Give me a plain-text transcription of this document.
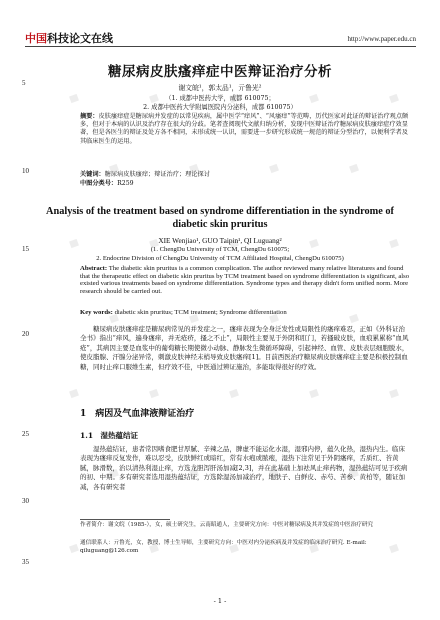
中国科技论文在线	http://www.paper.edu.cn
5
10
15
20
25
30
35
糖尿病皮肤瘙痒症中医辩证治疗分析
谢文皖¹，郭太品¹，亓鲁光²
（1. 成都中医药大学，成都 610075；
2. 成都中医药大学附属医院内分泌科，成都 610075）
摘要：皮肤瘙痒症是糖尿病并发症的以常见疾病，属中医学“痒风”、“风瘙痒”等范畴，历代医家对此证的辩证治疗观点颇多，但对于本病的认识及治疗存在很大的分歧。笔者查阅现代文献归纳分析，发现中医辩证治疗糖尿病皮肤瘙痒症疗效显著，但是各医生的辩证及处方各不相同，未形成统一认识，需要进一步研究形成统一规范的辩证分型治疗，以便利学者及其临床医生的运用。
关键词：糖尿病皮肤瘙痒；辩证治疗；理论探讨
中图分类号：R259
Analysis of the treatment based on syndrome differentiation in the syndrome of diabetic skin pruritus
XIE Wenjiao¹, GUO Taipin¹, QI Luguang²
(1. ChengDu University of TCM, ChengDu 610075;
2. Endocrine Division of ChengDu University of TCM Affiliated Hospital, ChengDu 610075)
Abstract: The diabetic skin pruritus is a common complication. The author reviewed many relative literatures and found that the therapeutic effect on diabetic skin pruritus by TCM treatment based on syndrome differentiation is significant, also existed various treatments based on syndrome differentiation. Syndrome types and therapy didn't form unified norm. More research should be carried out.
Key words: diabetic skin pruritus; TCM treatment; Syndrome differentiation
糖尿病皮肤瘙痒症是糖尿病常见的并发症之一，瘙痒表现为全身泛发性或局限性的瘙痒难忍，正如《外科证治全书》指出“痒风，遍身瘙痒，并无疮疥，搔之不止”，局限性主要见于外阴和肛门，若搔破皮肤，血痕累累称“血风疮”，其病因主要是血浆中的葡萄糖长期使微小动脉、静脉发生微循环障碍，引起神经、血管、皮肤表层细胞脱水，使皮脂腺、汗腺分泌异常，刺激皮肤神经末梢导致皮肤瘙痒[1]。目前西医治疗糖尿病皮肤瘙痒症主要是积极控制血糖，同时止痒口服维生素，但疗效不佳，中医通过辨证施治，多能取得很好的疗效。
1　病因及气血津液辩证治疗
1.1　湿热蕴结证
湿热蕴结证，患者常因嗜食肥甘厚腻、辛辣之品，脾虚不能运化水湿，湿邪内停，蕴久化热，湿热内生。临床表现为瘙痒反复发作，难以忍受，皮肤鲜红或暗红，常有水疱或脓疱，湿热下注常见于外阴瘙痒，舌质红、苔黄腻，脉滑数，治以清热利湿止痒，方选龙胆泻肝汤加减[2,3]，并在此基础上加祛风止痒药物，湿热蕴结可见于疾病的初、中期。多有研究者选用湿热蕴结证，方选除湿汤加减治疗，地肤子、白鲜皮、赤芍、苦参、黄柏等，随证加减，各有研究者
作者简介：谢文皖（1985-），女，硕士研究生，云南昭通人，主要研究方向：中医对糖尿病及其并发症的中医治疗研究
通信联系人：亓鲁光，女，教授，博士生导师，主要研究方向：中医对内分泌疾病及并发症的临床治疗研究. E-mail: qiluguang@126.com
- 1 -
